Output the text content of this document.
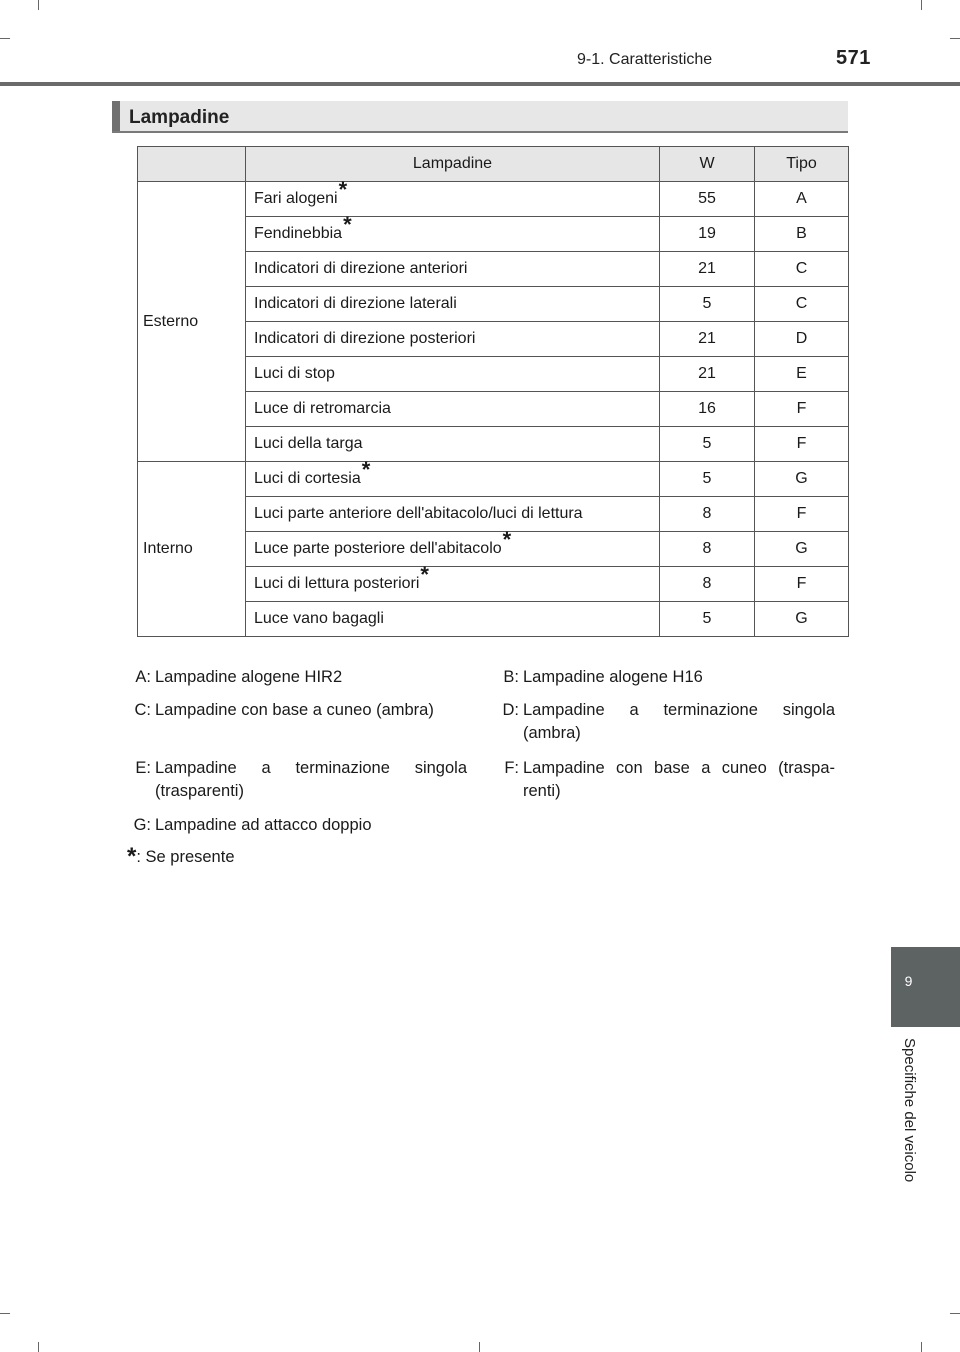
9-1. Caratteristiche	571
Lampadine
	Lampadine	W	Tipo
Esterno	Fari alogeni*	55	A
	Fendinebbia*	19	B
	Indicatori di direzione anteriori	21	C
	Indicatori di direzione laterali	5	C
	Indicatori di direzione posteriori	21	D
	Luci di stop	21	E
	Luce di retromarcia	16	F
	Luci della targa	5	F
Interno	Luci di cortesia*	5	G
	Luci parte anteriore dell'abitacolo/luci di lettura	8	F
	Luce parte posteriore dell'abitacolo*	8	G
	Luci di lettura posteriori*	8	F
	Luce vano bagagli	5	G
A: Lampadine alogene HIR2	B: Lampadine alogene H16
C: Lampadine con base a cuneo (ambra)	D: Lampadine a terminazione singola (ambra)
E: Lampadine a terminazione singola (trasparenti)
F: Lampadine con base a cuneo (traspa- renti)
G: Lampadine ad attacco doppio
*: Se presente
9
Specifiche del veicolo
